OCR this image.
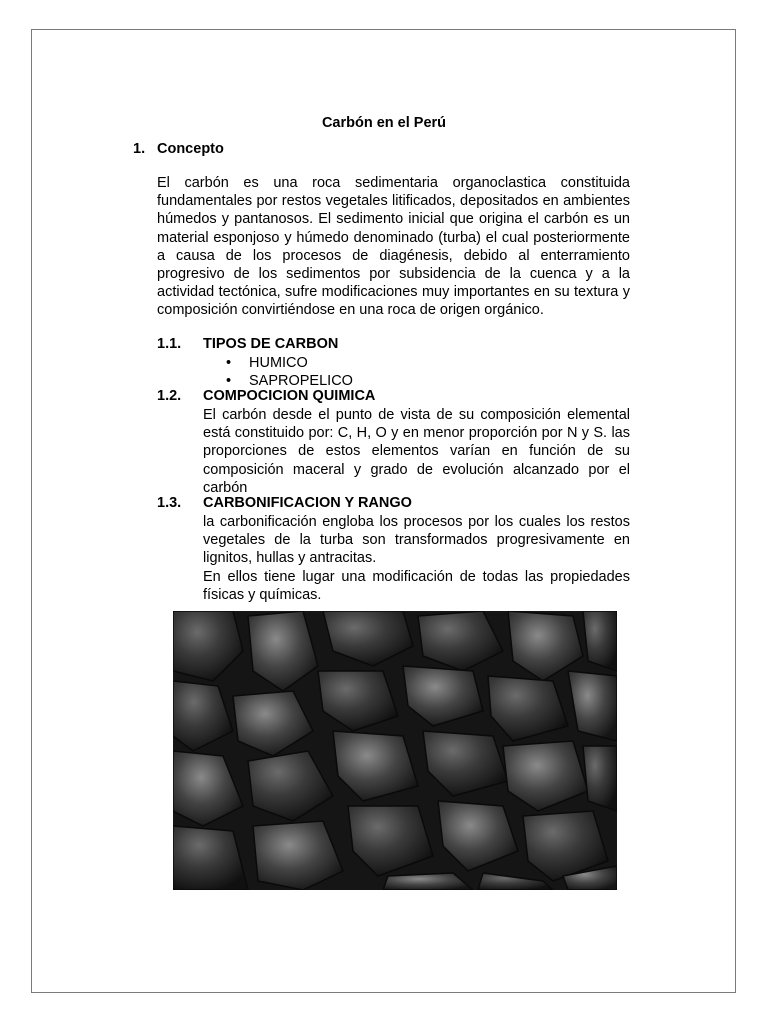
Carbón en el Perú
1. Concepto
El carbón es una roca sedimentaria organoclastica constituida fundamentales por restos vegetales litificados, depositados en ambientes húmedos y pantanosos. El sedimento inicial que origina el carbón es un material esponjoso y húmedo denominado (turba) el cual posteriormente a causa de los procesos de diagénesis, debido al enterramiento progresivo de los sedimentos por subsidencia de la cuenca y a la actividad tectónica, sufre modificaciones muy importantes en su textura y composición convirtiéndose en una roca de origen orgánico.
1.1. TIPOS DE CARBON
• HUMICO
• SAPROPELICO
1.2. COMPOCICION QUIMICA
El carbón desde el punto de vista de su composición elemental está constituido por: C, H, O y en menor proporción por N y S. las proporciones de estos elementos varían en función de su composición maceral y grado de evolución alcanzado por el carbón
1.3. CARBONIFICACION Y RANGO
la carbonificación engloba los procesos por los cuales los restos vegetales de la turba son transformados progresivamente en lignitos, hullas y antracitas.
En ellos tiene lugar una modificación de todas las propiedades físicas y químicas.
